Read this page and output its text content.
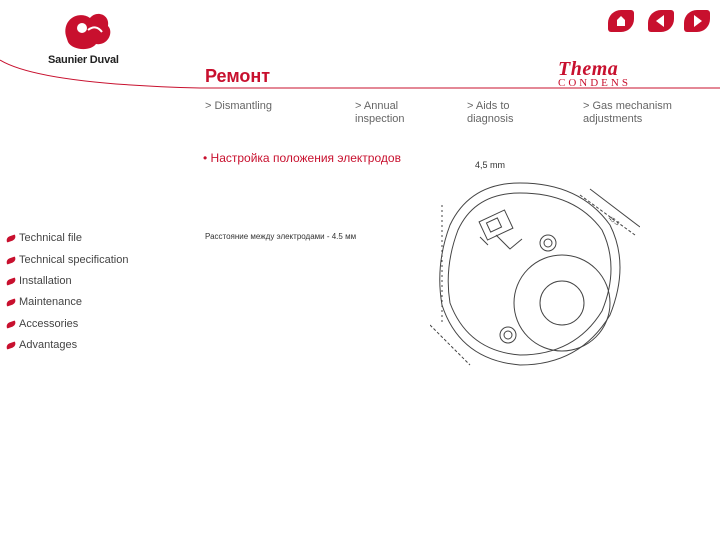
Saunier Duval
Ремонт	Thema
CONDENS
> Dismantling	> Annual inspection
> Aids to diagnosis
> Gas mechanism adjustments
• Настройка положения электродов
Расстояние между электродами - 4.5 мм
4,5 mm
45.3
Technical file
Technical specification
Installation
Maintenance
Accessories
Advantages
